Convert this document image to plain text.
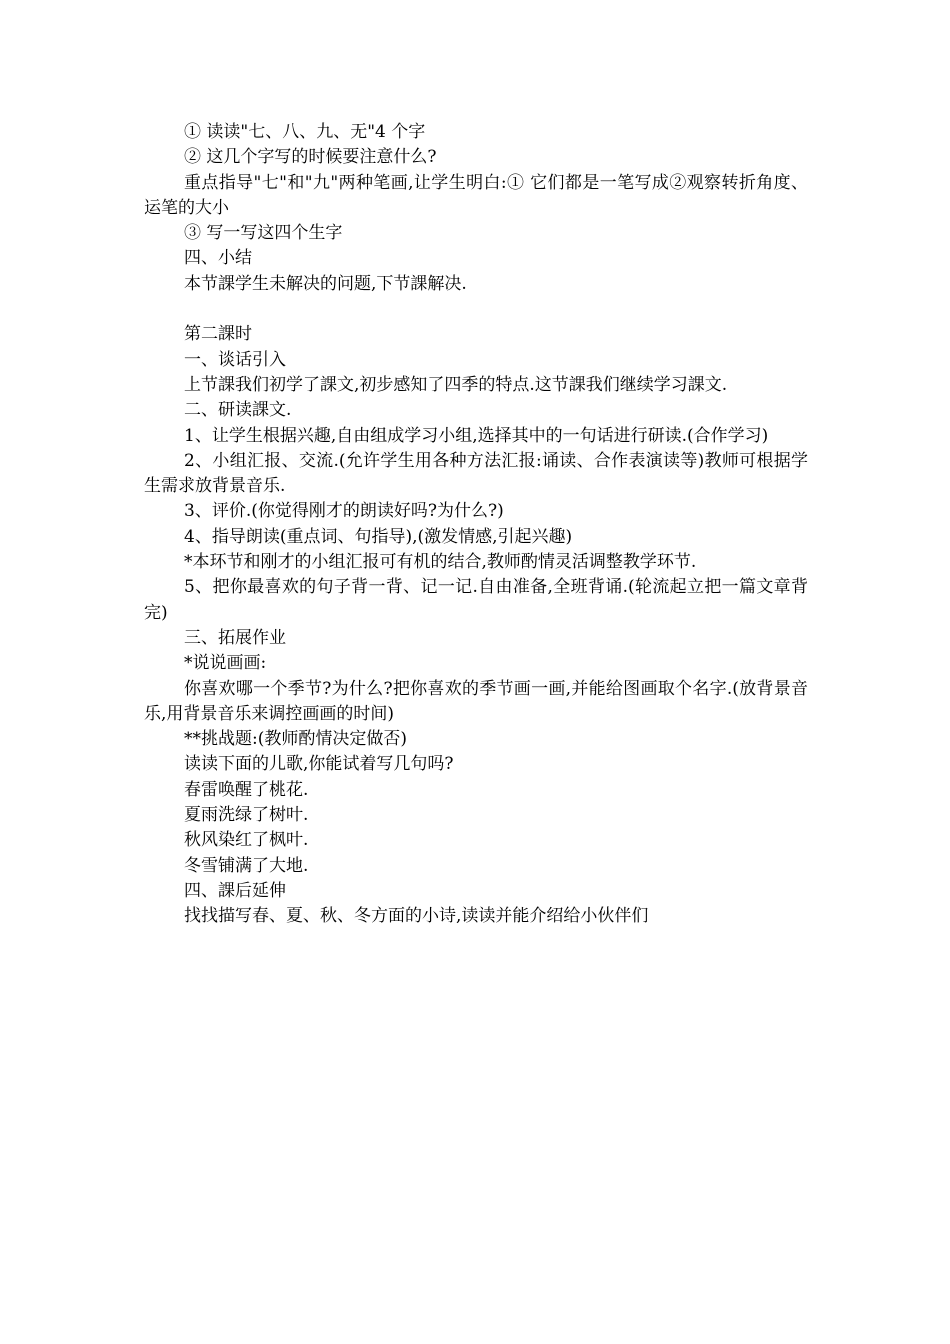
① 读读"七、八、九、无"4 个字

② 这几个字写的时候要注意什么?

重点指导"七"和"九"两种笔画,让学生明白:① 它们都是一笔写成②观察转折角度、运笔的大小

③ 写一写这四个生字

四、小结

本节課学生未解决的问题,下节課解决.

第二課时

一、谈话引入

上节課我们初学了課文,初步感知了四季的特点.这节課我们继续学习課文.

二、研读課文.

1、让学生根据兴趣,自由组成学习小组,选择其中的一句话进行研读.(合作学习)

2、小组汇报、交流.(允许学生用各种方法汇报:诵读、合作表演读等)教师可根据学生需求放背景音乐.

3、评价.(你觉得刚才的朗读好吗?为什么?)

4、指导朗读(重点词、句指导),(激发情感,引起兴趣)

*本环节和刚才的小组汇报可有机的结合,教师酌情灵活调整教学环节.

5、把你最喜欢的句子背一背、记一记.自由准备,全班背诵.(轮流起立把一篇文章背完)

三、拓展作业

*说说画画:

你喜欢哪一个季节?为什么?把你喜欢的季节画一画,并能给图画取个名字.(放背景音乐,用背景音乐来调控画画的时间)

**挑战题:(教师酌情决定做否)

读读下面的儿歌,你能试着写几句吗?

春雷唤醒了桃花.

夏雨洗绿了树叶.

秋风染红了枫叶.

冬雪铺满了大地.

四、課后延伸

找找描写春、夏、秋、冬方面的小诗,读读并能介绍给小伙伴们
